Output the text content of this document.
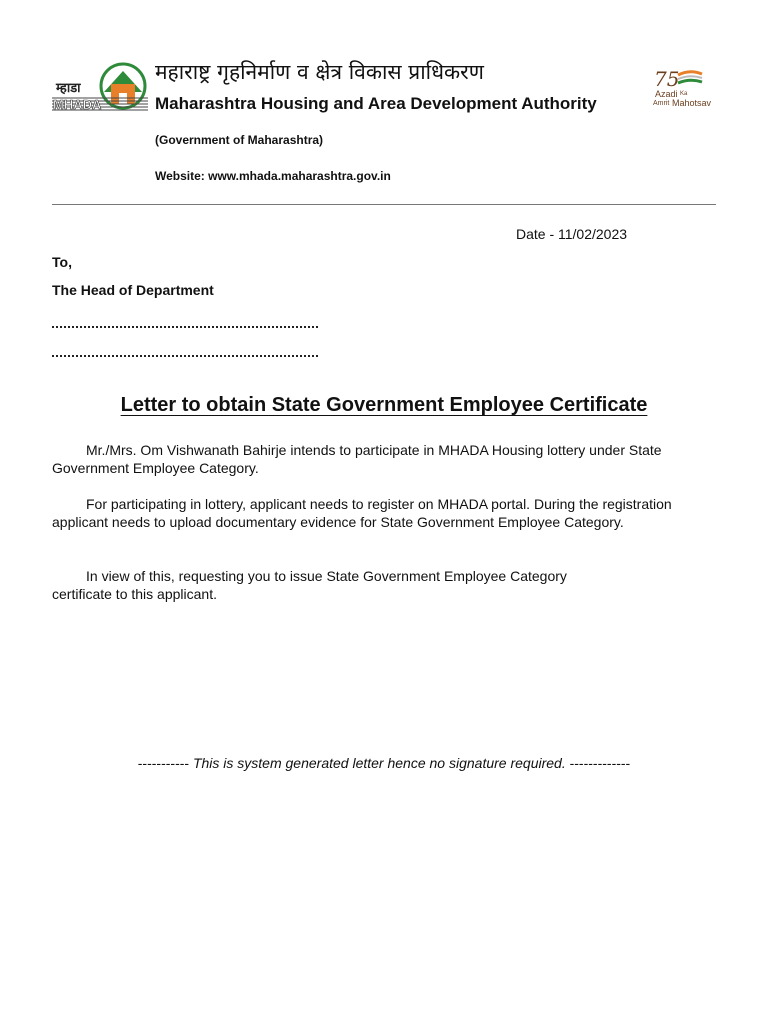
म्हाडा
MHADA
महाराष्ट्र गृहनिर्माण व क्षेत्र विकास प्राधिकरण
Maharashtra Housing and Area Development Authority
(Government of Maharashtra)
Website: www.mhada.maharashtra.gov.in
75
Azadi Ka
Amrit Mahotsav
Date - 11/02/2023
To,
The Head of Department
Letter to obtain State Government Employee Certificate
Mr./Mrs. Om Vishwanath Bahirje intends to participate in MHADA Housing lottery under State Government Employee Category.
For participating in lottery, applicant needs to register on MHADA portal. During the registration applicant needs to upload documentary evidence for State Government Employee Category.
In view of this, requesting you to issue State Government Employee Category certificate to this applicant.
----------- This is system generated letter hence no signature required. -------------
